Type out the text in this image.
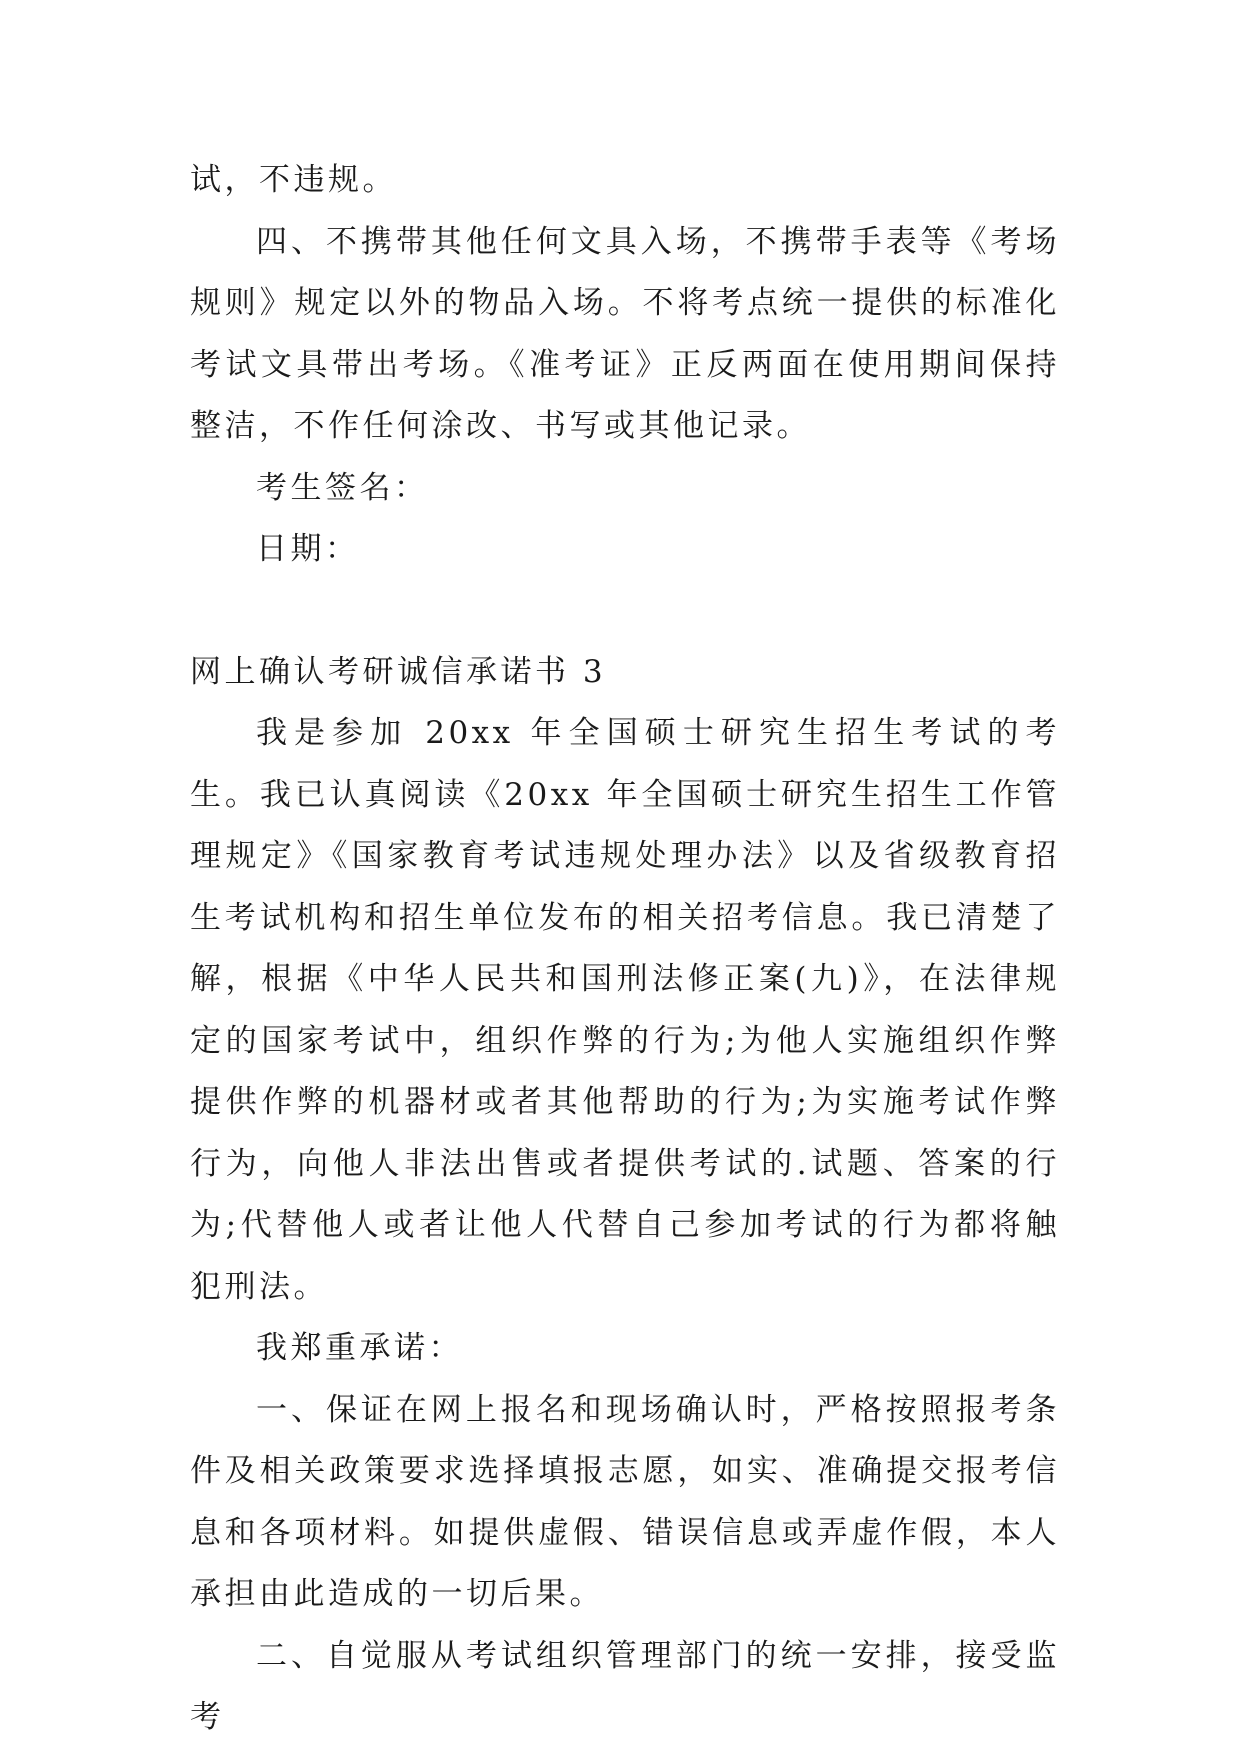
试，不违规。

四、不携带其他任何文具入场，不携带手表等《考场规则》规定以外的物品入场。不将考点统一提供的标准化考试文具带出考场。《准考证》正反两面在使用期间保持整洁，不作任何涂改、书写或其他记录。

考生签名：

日期：

网上确认考研诚信承诺书 3

我是参加 20xx 年全国硕士研究生招生考试的考生。我已认真阅读《20xx 年全国硕士研究生招生工作管理规定》《国家教育考试违规处理办法》以及省级教育招生考试机构和招生单位发布的相关招考信息。我已清楚了解，根据《中华人民共和国刑法修正案(九)》，在法律规定的国家考试中，组织作弊的行为;为他人实施组织作弊提供作弊的机器材或者其他帮助的行为;为实施考试作弊行为，向他人非法出售或者提供考试的.试题、答案的行为;代替他人或者让他人代替自己参加考试的行为都将触犯刑法。

我郑重承诺：

一、保证在网上报名和现场确认时，严格按照报考条件及相关政策要求选择填报志愿，如实、准确提交报考信息和各项材料。如提供虚假、错误信息或弄虚作假，本人承担由此造成的一切后果。

二、自觉服从考试组织管理部门的统一安排，接受监考
